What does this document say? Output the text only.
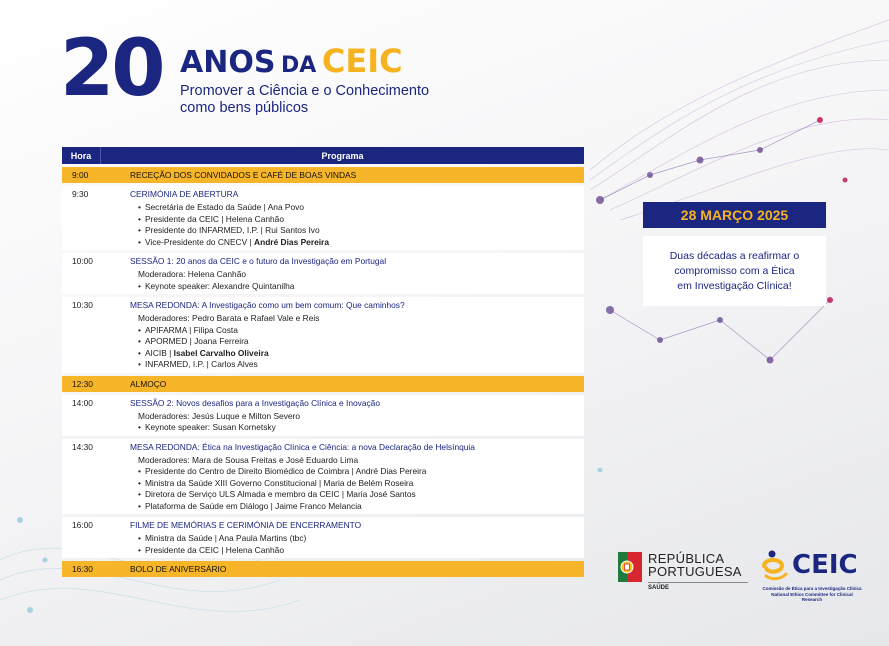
20 ANOS DA CEIC
Promover a Ciência e o Conhecimento
como bens públicos
Hora	Programa
9:00	RECEÇÃO DOS CONVIDADOS E CAFÉ DE BOAS VINDAS
9:30	CERIMÓNIA DE ABERTURA
• Secretária de Estado da Saúde | Ana Povo
• Presidente da CEIC | Helena Canhão
• Presidente do INFARMED, I.P. | Rui Santos Ivo
• Vice-Presidente do CNECV | André Dias Pereira
10:00	SESSÃO 1: 20 anos da CEIC e o futuro da Investigação em Portugal
Moderadora: Helena Canhão
• Keynote speaker: Alexandre Quintanilha
10:30	MESA REDONDA: A Investigação como um bem comum: Que caminhos?
Moderadores: Pedro Barata e Rafael Vale e Reis
• APIFARMA | Filipa Costa
• APORMED | Joana Ferreira
• AICIB | Isabel Carvalho Oliveira
• INFARMED, I.P. | Carlos Alves
12:30	ALMOÇO
14:00	SESSÃO 2: Novos desafios para a Investigação Clínica e Inovação
Moderadores: Jesús Luque e Milton Severo
• Keynote speaker: Susan Kornetsky
14:30	MESA REDONDA: Ética na Investigação Clínica e Ciência: a nova Declaração de Helsínquia
Moderadores: Mara de Sousa Freitas e José Eduardo Lima
• Presidente do Centro de Direito Biomédico de Coimbra | André Dias Pereira
• Ministra da Saúde XIII Governo Constitucional | Maria de Belém Roseira
• Diretora de Serviço ULS Almada e membro da CEIC | Maria José Santos
• Plataforma de Saúde em Diálogo | Jaime Franco Melancia
16:00	FILME DE MEMÓRIAS E CERIMÓNIA DE ENCERRAMENTO
• Ministra da Saúde | Ana Paula Martins (tbc)
• Presidente da CEIC | Helena Canhão
16:30	BOLO DE ANIVERSÁRIO
28 MARÇO 2025
Duas décadas a reafirmar o
compromisso com a Ética
em Investigação Clínica!
REPÚBLICA
PORTUGUESA
SAÚDE
CEIC
Comissão de Ética para a Investigação Clínica National Ethics Committee for Clinical Research
